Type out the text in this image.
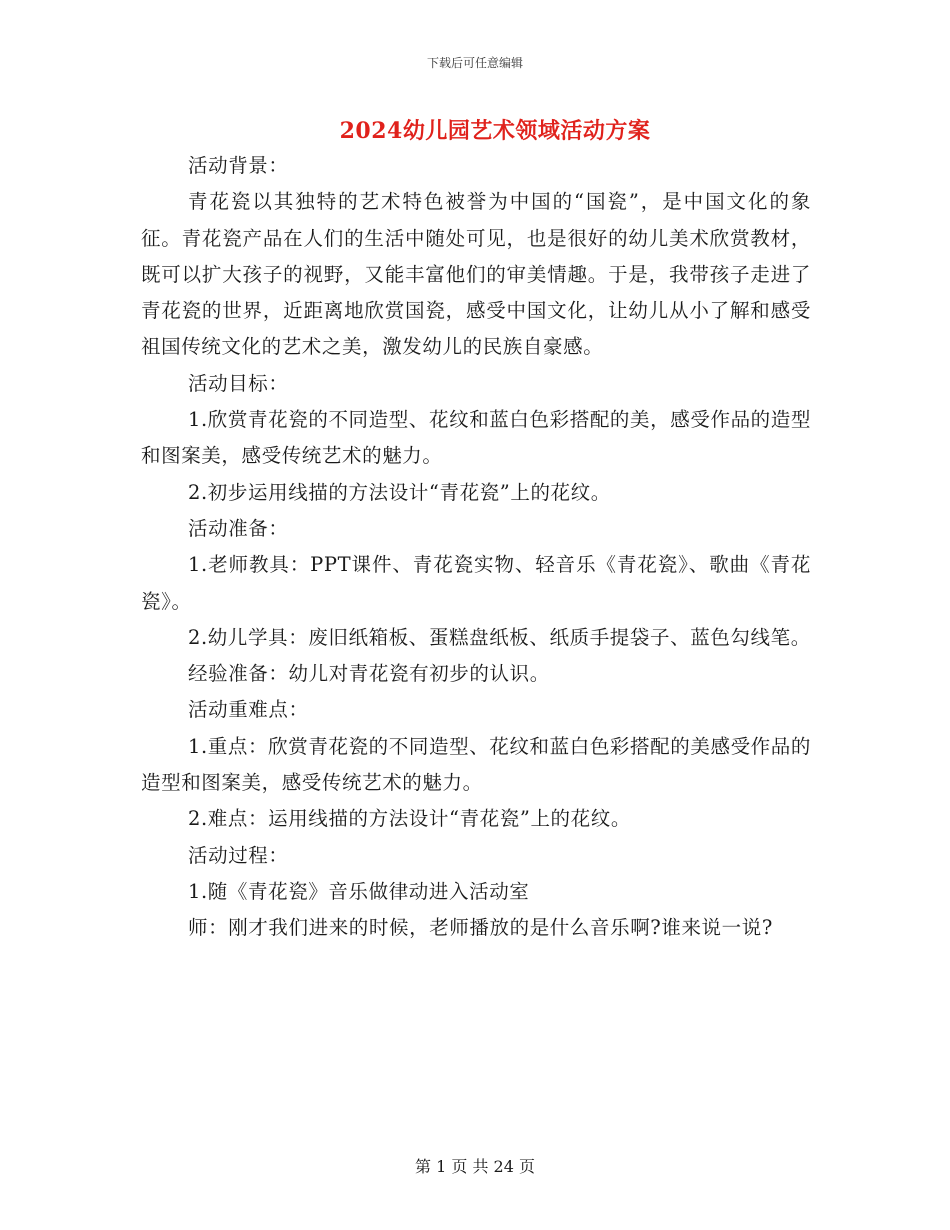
下载后可任意编辑
2024幼儿园艺术领域活动方案

活动背景：

青花瓷以其独特的艺术特色被誉为中国的“国瓷”，是中国文化的象征。青花瓷产品在人们的生活中随处可见，也是很好的幼儿美术欣赏教材，既可以扩大孩子的视野，又能丰富他们的审美情趣。于是，我带孩子走进了青花瓷的世界，近距离地欣赏国瓷，感受中国文化，让幼儿从小了解和感受祖国传统文化的艺术之美，激发幼儿的民族自豪感。

活动目标：

1.欣赏青花瓷的不同造型、花纹和蓝白色彩搭配的美，感受作品的造型和图案美，感受传统艺术的魅力。

2.初步运用线描的方法设计“青花瓷”上的花纹。

活动准备：

1.老师教具：PPT课件、青花瓷实物、轻音乐《青花瓷》、歌曲《青花瓷》。

2.幼儿学具：废旧纸箱板、蛋糕盘纸板、纸质手提袋子、蓝色勾线笔。

经验准备：幼儿对青花瓷有初步的认识。

活动重难点：

1.重点：欣赏青花瓷的不同造型、花纹和蓝白色彩搭配的美感受作品的造型和图案美，感受传统艺术的魅力。

2.难点：运用线描的方法设计“青花瓷”上的花纹。

活动过程：

1.随《青花瓷》音乐做律动进入活动室

师：刚才我们进来的时候，老师播放的是什么音乐啊?谁来说一说?

第 1 页 共 24 页
